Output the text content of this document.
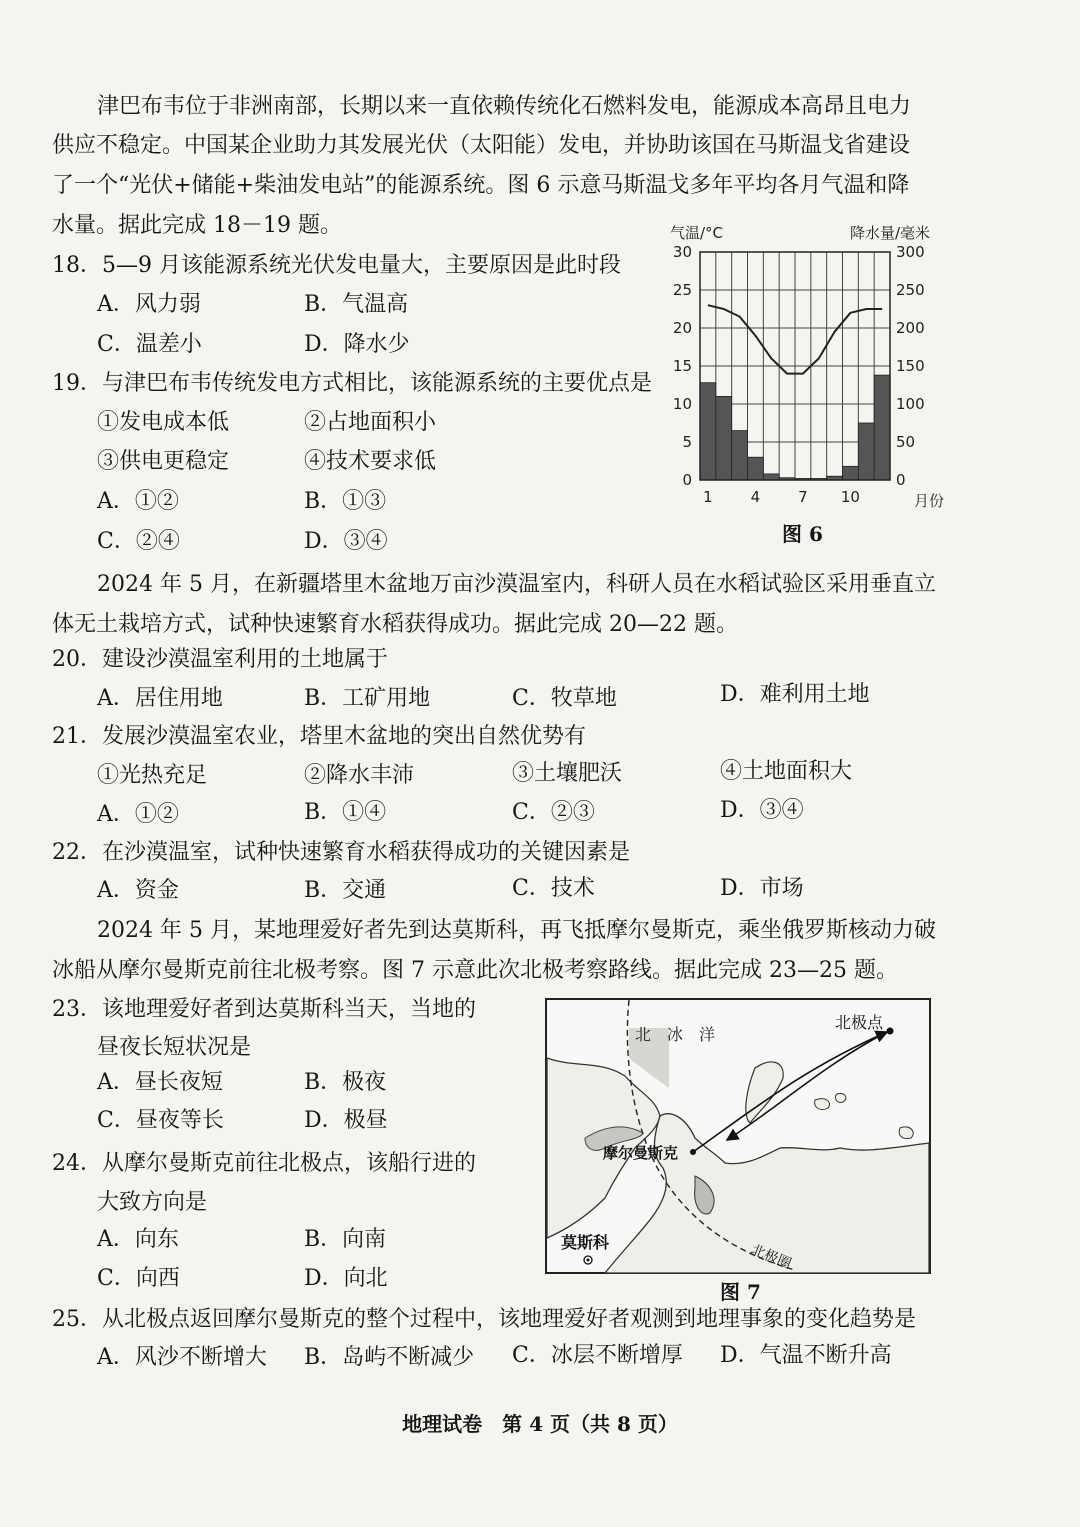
津巴布韦位于非洲南部，长期以来一直依赖传统化石燃料发电，能源成本高昂且电力
供应不稳定。中国某企业助力其发展光伏（太阳能）发电，并协助该国在马斯温戈省建设
了一个“光伏+储能+柴油发电站”的能源系统。图 6 示意马斯温戈多年平均各月气温和降
水量。据此完成 18－19 题。
18．5—9 月该能源系统光伏发电量大，主要原因是此时段
A．风力弱	B．气温高
C．温差小	D．降水少
19．与津巴布韦传统发电方式相比，该能源系统的主要优点是
①发电成本低	②占地面积小
③供电更稳定	④技术要求低
A．①②	B．①③
C．②④	D．③④
气温/°C	降水量/毫米
0
5
10
15
20
25
30
0
50
100
150
200
250
300
1	4	7 10	月份
图 6
2024 年 5 月，在新疆塔里木盆地万亩沙漠温室内，科研人员在水稻试验区采用垂直立
体无土栽培方式，试种快速繁育水稻获得成功。据此完成 20—22 题。
20．建设沙漠温室利用的土地属于
A．居住用地	B．工矿用地	C．牧草地	D．难利用土地
21．发展沙漠温室农业，塔里木盆地的突出自然优势有
①光热充足	②降水丰沛	③土壤肥沃	④土地面积大
A．①②	B．①④	C．②③	D．③④
22．在沙漠温室，试种快速繁育水稻获得成功的关键因素是
A．资金	B．交通	C．技术	D．市场
2024 年 5 月，某地理爱好者先到达莫斯科，再飞抵摩尔曼斯克，乘坐俄罗斯核动力破
冰船从摩尔曼斯克前往北极考察。图 7 示意此次北极考察路线。据此完成 23—25 题。
23．该地理爱好者到达莫斯科当天，当地的
昼夜长短状况是
A．昼长夜短	B．极夜
C．昼夜等长	D．极昼
24．从摩尔曼斯克前往北极点，该船行进的
大致方向是
A．向东	B．向南
C．向西	D．向北
北　冰　洋
北极点
摩尔曼斯克
莫斯科	北极圈
图 7
25．从北极点返回摩尔曼斯克的整个过程中，该地理爱好者观测到地理事象的变化趋势是
A．风沙不断增大 B．岛屿不断减少 C．冰层不断增厚 D．气温不断升高
地理试卷　第 4 页（共 8 页）
